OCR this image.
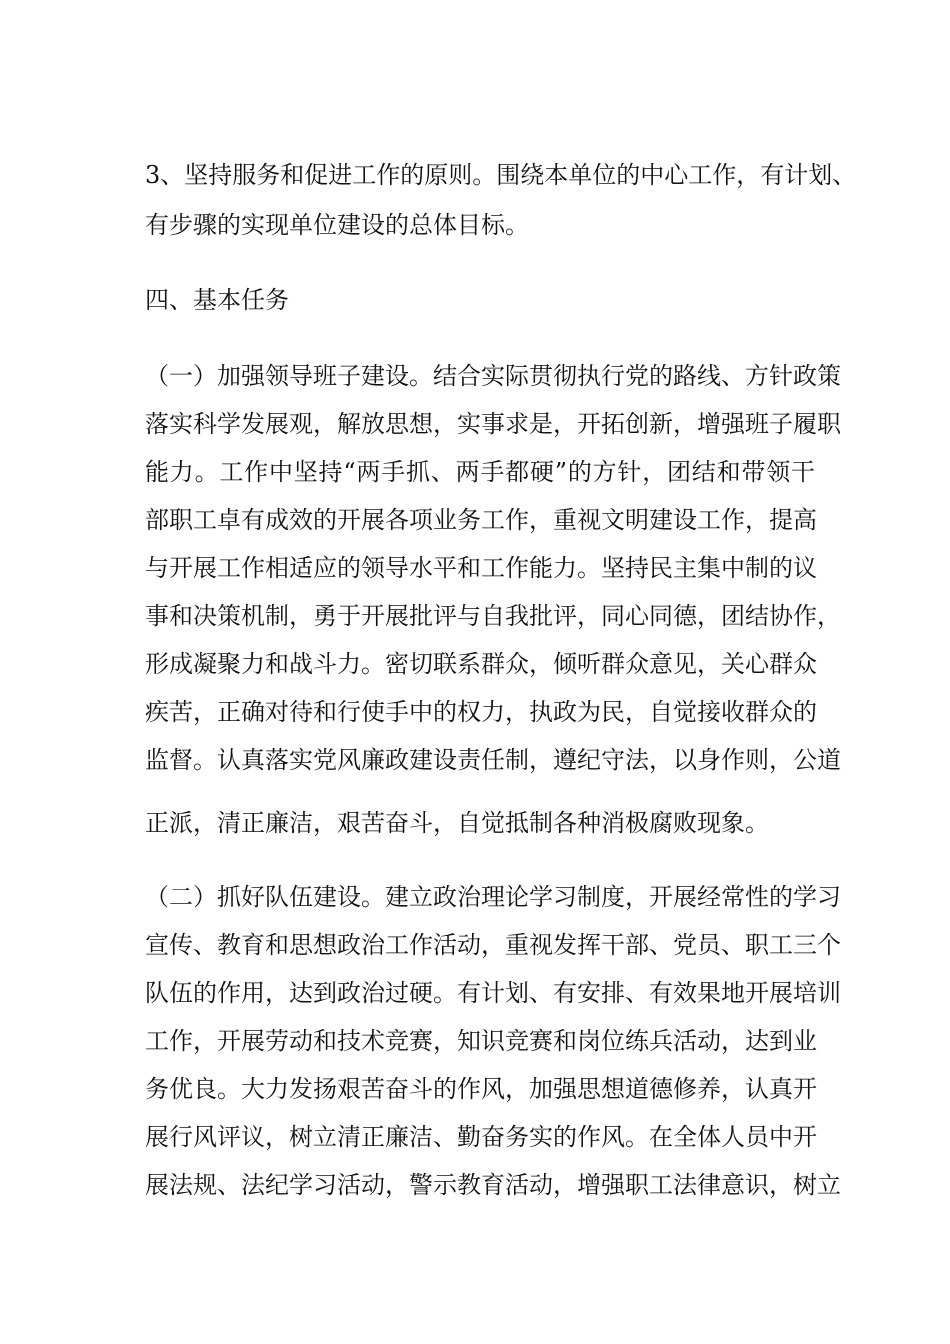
3、坚持服务和促进工作的原则。围绕本单位的中心工作，有计划、

有步骤的实现单位建设的总体目标。

四、基本任务

（一）加强领导班子建设。结合实际贯彻执行党的路线、方针政策

落实科学发展观，解放思想，实事求是，开拓创新，增强班子履职

能力。工作中坚持“两手抓、两手都硬”的方针，团结和带领干

部职工卓有成效的开展各项业务工作，重视文明建设工作，提高

与开展工作相适应的领导水平和工作能力。坚持民主集中制的议

事和决策机制，勇于开展批评与自我批评，同心同德，团结协作，

形成凝聚力和战斗力。密切联系群众，倾听群众意见，关心群众

疾苦，正确对待和行使手中的权力，执政为民，自觉接收群众的

监督。认真落实党风廉政建设责任制，遵纪守法，以身作则，公道

正派，清正廉洁，艰苦奋斗，自觉抵制各种消极腐败现象。

（二）抓好队伍建设。建立政治理论学习制度，开展经常性的学习

宣传、教育和思想政治工作活动，重视发挥干部、党员、职工三个

队伍的作用，达到政治过硬。有计划、有安排、有效果地开展培训

工作，开展劳动和技术竞赛，知识竞赛和岗位练兵活动，达到业

务优良。大力发扬艰苦奋斗的作风，加强思想道德修养，认真开

展行风评议，树立清正廉洁、勤奋务实的作风。在全体人员中开

展法规、法纪学习活动，警示教育活动，增强职工法律意识，树立
